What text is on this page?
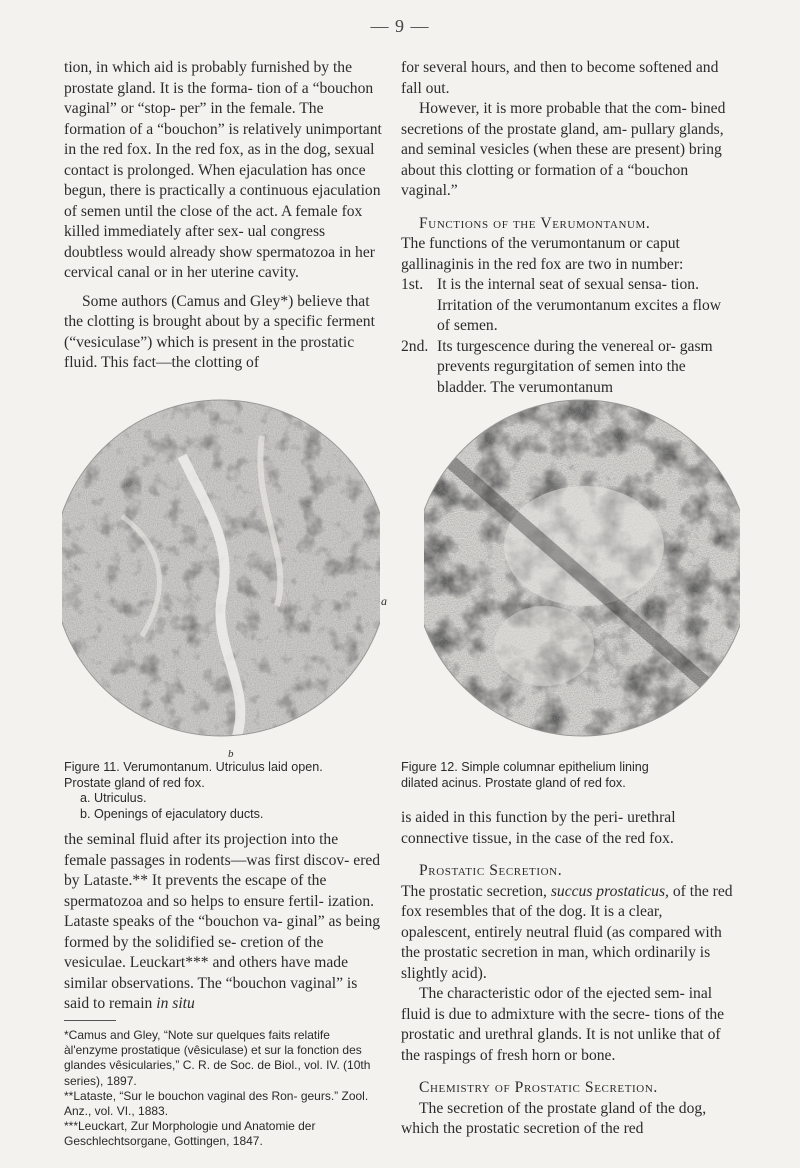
— 9 —

tion, in which aid is probably furnished by the prostate gland. It is the forma- tion of a “bouchon vaginal” or “stop- per” in the female. The formation of a “bouchon” is relatively unimportant in the red fox. In the red fox, as in the dog, sexual contact is prolonged. When ejaculation has once begun, there is practically a continuous ejaculation of semen until the close of the act. A female fox killed immediately after sex- ual congress doubtless would already show spermatozoa in her cervical canal or in her uterine cavity.

Some authors (Camus and Gley*) believe that the clotting is brought about by a specific ferment (“vesiculase”) which is present in the prostatic fluid. This fact—the clotting of

for several hours, and then to become softened and fall out.

However, it is more probable that the com- bined secretions of the prostate gland, am- pullary glands, and seminal vesicles (when these are present) bring about this clotting or formation of a “bouchon vaginal.”

Functions of the Verumontanum.

The functions of the verumontanum or caput gallinaginis in the red fox are two in number:

1st. It is the internal seat of sexual sensa- tion. Irritation of the verumontanum excites a flow of semen.
2nd. Its turgescence during the venereal or- gasm prevents regurgitation of semen into the bladder. The verumontanum
a
b

Figure 11. Verumontanum. Utriculus laid open.

Prostate gland of red fox.

a. Utriculus.

b. Openings of ejaculatory ducts.

Figure 12. Simple columnar epithelium lining

dilated acinus. Prostate gland of red fox.

the seminal fluid after its projection into the female passages in rodents—was first discov- ered by Lataste.** It prevents the escape of the spermatozoa and so helps to ensure fertil- ization. Lataste speaks of the “bouchon va- ginal” as being formed by the solidified se- cretion of the vesiculae. Leuckart*** and others have made similar observations. The “bouchon vaginal” is said to remain in situ

*Camus and Gley, “Note sur quelques faits relatife àl'enzyme prostatique (vêsiculase) et sur la fonction des glandes vêsicularies,” C. R. de Soc. de Biol., vol. IV. (10th series), 1897.

**Lataste, “Sur le bouchon vaginal des Ron- geurs.” Zool. Anz., vol. VI., 1883.

***Leuckart, Zur Morphologie und Anatomie der Geschlechtsorgane, Gottingen, 1847.

is aided in this function by the peri- urethral connective tissue, in the case of the red fox.

Prostatic Secretion.

The prostatic secretion, succus prostaticus, of the red fox resembles that of the dog. It is a clear, opalescent, entirely neutral fluid (as compared with the prostatic secretion in man, which ordinarily is slightly acid).

The characteristic odor of the ejected sem- inal fluid is due to admixture with the secre- tions of the prostatic and urethral glands. It is not unlike that of the raspings of fresh horn or bone.

Chemistry of Prostatic Secretion.

The secretion of the prostate gland of the dog, which the prostatic secretion of the red
